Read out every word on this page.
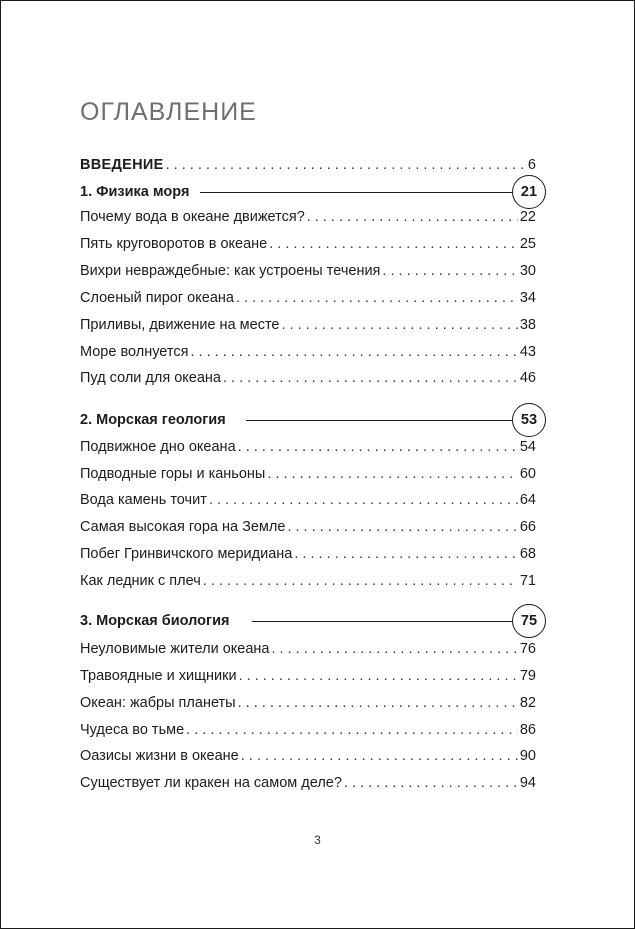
ОГЛАВЛЕНИЕ
ВВЕДЕНИЕ . . .	6
1. Физика моря	21
Почему вода в океане движется? . . .	22
Пять круговоротов в океане . . .	25
Вихри невраждебные: как устроены течения . . .	30
Слоеный пирог океана . . .	34
Приливы, движение на месте . . .	38
Море волнуется . . .	43
Пуд соли для океана . . .	46
2. Морская геология	53
Подвижное дно океана . . .	54
Подводные горы и каньоны . . .	60
Вода камень точит . . .	64
Самая высокая гора на Земле . . .	66
Побег Гринвичского меридиана . . .	68
Как ледник с плеч . . .	71
3. Морская биология	75
Неуловимые жители океана . . .	76
Травоядные и хищники . . .	79
Океан: жабры планеты . . .	82
Чудеса во тьме . . .	86
Оазисы жизни в океане . . .	90
Существует ли кракен на самом деле? . . .	94
3
